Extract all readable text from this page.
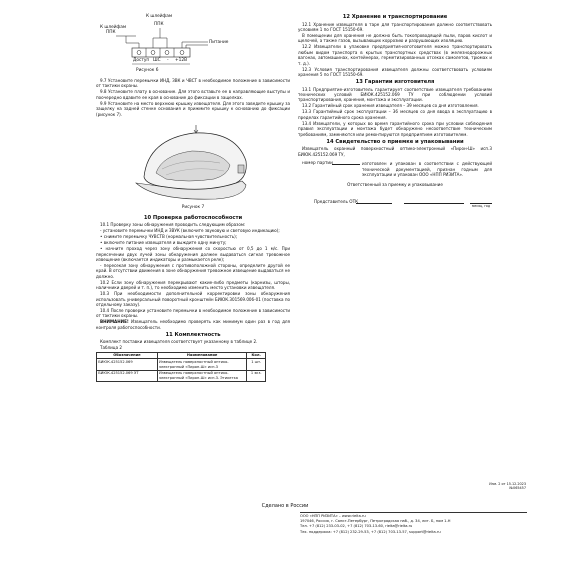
К шлейфам
ППК
К шлейфам
ППК
Питание
Доступ ШС - +12В
Рисунок 6

9.7 Установите перемычки ИНД, ЗВК и ЧВСТ в необходимое положение в зависимости от тактики охраны.

9.8 Установите плату в основание. Для этого вставьте ее в направляющие выступы и поочередно вдавите ее края в основание до фиксации в защелках.

9.9 Установите на место верхнюю крышку извещателя. Для этого заведите крышку за защелку на задней стенке основания и прижмите крышку к основанию до фиксации (рисунок 7).

Рисунок 7
10 Проверка работоспособности

10.1 Проверку зоны обнаружения проводить следующим образом:

- установите перемычки ИНД и ЗВУК (включите звуковую и световую индикацию);

• снимите перемычку ЧУВСТВ (нормальная чувствительность);

• включите питание извещателя и выждите одну минуту;

• начните проход через зону обнаружения со скоростью от 0,5 до 1 м/с. При пересечении двух лучей зоны обнаружения должен выдаваться сигнал тревожное извещение (включается индикаторы и размыкается реле);

- пересекая зону обнаружения с противоположной стороны, определите другой ее край. В отсутствии движения в зоне обнаружения тревожное извещение выдаваться не должно.

10.2 Если зону обнаружения перекрывают какие-либо предметы (карнизы, шторы, наличники дверей и т. п.), то необходимо изменить место установки извещателя.

10.3 При необходимости дополнительной корректировки зоны обнаружения использовать универсальный поворотный кронштейн БИЮК.301569.006-01 (поставка по отдельному заказу).

10.4 После проверки установите перемычки в необходимое положение в зависимости от тактики охраны.

ВНИМАНИЕ! Извещатель необходимо проверять как минимум один раз в год для контроля работоспособности.

11 Комплектность

Комплект поставки извещателя соответствует указанному в таблице 2.

Таблица 2

Обозначение	Наименование	Кол.
БИЮК.425152.069	Извещатель поверхностный оптико-электронный «Пирон-Ш» исп.3	1 шт.
БИЮК.425152.069 ЭТ	Извещатель поверхностный оптико-электронный «Пирон-Ш» исп.3. Этикетка	1 экз.
12 Хранение и транспортирование

12.1 Хранение извещателя в таре для транспортирования должно соответствовать условиям 1 по ГОСТ 15150-69.

В помещении для хранения не должно быть токопроводящей пыли, паров кислот и щелочей, а также газов, вызывающих коррозию и разрушающих изоляцию.

12.2 Извещатели в упаковке предприятия-изготовителя можно транспортировать любым видом транспорта в крытых транспортных средствах (в железнодорожных вагонах, автомашинах, контейнерах, герметизированных отсеках самолетов, трюмах и т. д.).

12.3 Условия транспортирования извещателя должны соответствовать условиям хранения 5 по ГОСТ 15150-69.

13 Гарантии изготовителя

13.1 Предприятие-изготовитель гарантирует соответствие извещателя требованиям технических условий БИЮК.425152.069 ТУ при соблюдении условий транспортирования, хранения, монтажа и эксплуатации.

13.2 Гарантийный срок хранения извещателя – 39 месяцев со дня изготовления.

13.3 Гарантийный срок эксплуатации – 36 месяцев со дня ввода в эксплуатацию в пределах гарантийного срока хранения.

13.4 Извещатели, у которых во время гарантийного срока при условии соблюдения правил эксплуатации и монтажа будет обнаружено несоответствие техническим требованиям, заменяются или ремонтируются предприятием изготовителем.

14 Свидетельство о приемке и упаковывании

Извещатель охранный поверхностный оптико-электронный «Пирон-Ш» исп.3 БИЮК.425152.069 ТУ,

номер партии	изготовлен и упакован в соответствии с действующей технической документацией, признан годным для эксплуатации и упакован ООО «НПП РИЗИТА».

Ответственный за приемку и упаковывание

Представитель ОТК
месяц, год
Изм. 2 от 15.12.2023
№065457
Сделано в России
ООО «НПП РИЗИТА» – www.rielta.ru
197046, Россия, г. Санкт-Петербург, Петроградская наб., д. 34, лит. Б, пом 1-Н
Тел. +7 (812) 233-03-02, +7 (812) 703-13-60, rielta@rielta.ru
Тех. поддержка: +7 (812) 232-29-53, +7 (812) 703-13-57, support@rielta.ru
